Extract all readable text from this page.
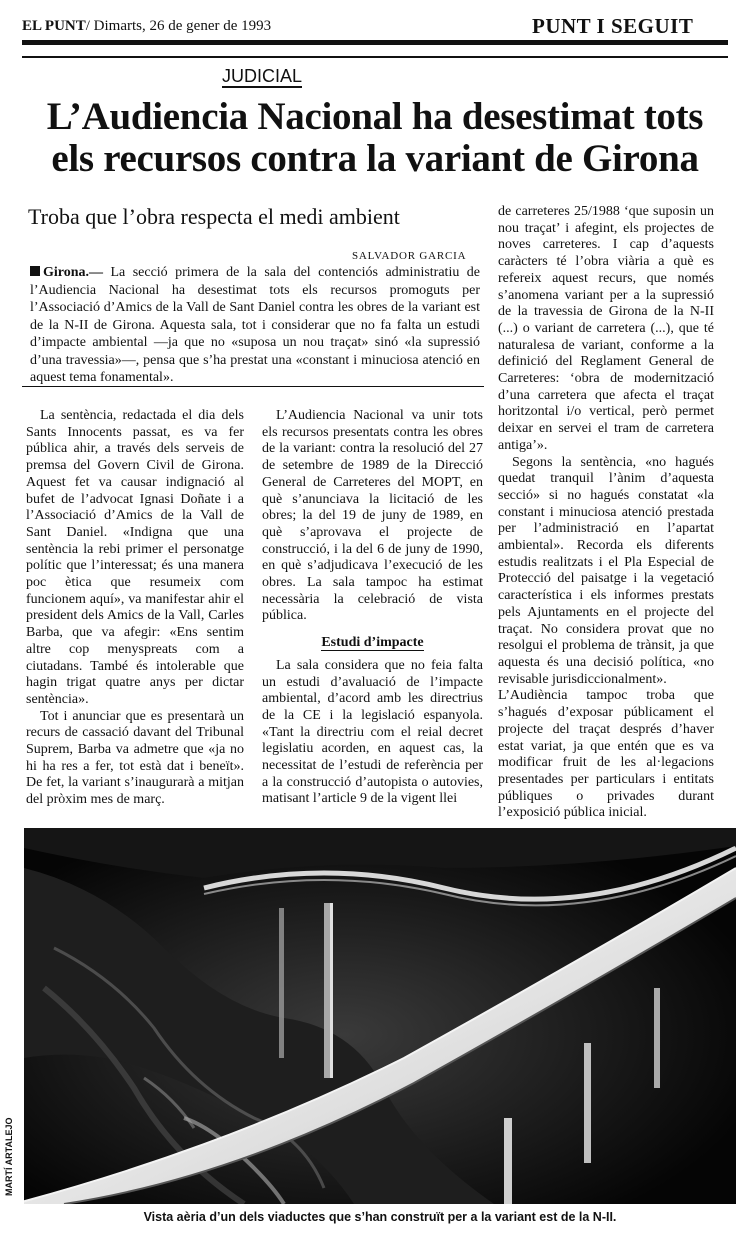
EL PUNT/ Dimarts, 26 de gener de 1993	PUNT I SEGUIT
JUDICIAL
L’Audiencia Nacional ha desestimat tots els recursos contra la variant de Girona
Troba que l’obra respecta el medi ambient
SALVADOR GARCIA
Girona.— La secció primera de la sala del contenciós administratiu de l’Audiencia Nacional ha desestimat tots els recursos promoguts per l’Associació d’Amics de la Vall de Sant Daniel contra les obres de la variant est de la N-II de Girona. Aquesta sala, tot i considerar que no fa falta un estudi d’impacte ambiental —ja que no «suposa un nou traçat» sinó «la supressió d’una travessia»—, pensa que s’ha prestat una «constant i minuciosa atenció en aquest tema fonamental».

La sentència, redactada el dia dels Sants Innocents passat, es va fer pública ahir, a través dels serveis de premsa del Govern Civil de Girona. Aquest fet va causar indignació al bufet de l’advocat Ignasi Doñate i a l’Associació d’Amics de la Vall de Sant Daniel. «Indigna que una sentència la rebi primer el personatge polític que l’interessat; és una manera poc ètica que resumeix com funcionem aquí», va manifestar ahir el president dels Amics de la Vall, Carles Barba, que va afegir: «Ens sentim altre cop menyspreats com a ciutadans. També és intolerable que hagin trigat quatre anys per dictar sentència».

Tot i anunciar que es presentarà un recurs de cassació davant del Tribunal Suprem, Barba va admetre que «ja no hi ha res a fer, tot està dat i beneït». De fet, la variant s’inaugurarà a mitjan del pròxim mes de març.

L’Audiencia Nacional va unir tots els recursos presentats contra les obres de la variant: contra la resolució del 27 de setembre de 1989 de la Direcció General de Carreteres del MOPT, en què s’anunciava la licitació de les obres; la del 19 de juny de 1989, en què s’aprovava el projecte de construcció, i la del 6 de juny de 1990, en què s’adjudicava l’execució de les obres. La sala tampoc ha estimat necessària la celebració de vista pública.

Estudi d’impacte

La sala considera que no feia falta un estudi d’avaluació de l’impacte ambiental, d’acord amb les directrius de la CE i la legislació espanyola. «Tant la directriu com el reial decret legislatiu acorden, en aquest cas, la necessitat de l’estudi de referència per a la construcció d’autopista o autovies, matisant l’article 9 de la vigent llei

de carreteres 25/1988 ‘que suposin un nou traçat’ i afegint, els projectes de noves carreteres. I cap d’aquests caràcters té l’obra viària a què es refereix aquest recurs, que només s’anomena variant per a la supressió de la travessia de Girona de la N-II (...) o variant de carretera (...), que té naturalesa de variant, conforme a la definició del Reglament General de Carreteres: ‘obra de modernització d’una carretera que afecta el traçat horitzontal i/o vertical, però permet deixar en servei el tram de carretera antiga’».

Segons la sentència, «no hagués quedat tranquil l’ànim d’aquesta secció» si no hagués constatat «la constant i minuciosa atenció prestada per l’administració en l’apartat ambiental». Recorda els diferents estudis realitzats i el Pla Especial de Protecció del paisatge i la vegetació característica i els informes prestats pels Ajuntaments en el projecte del traçat. No considera provat que no resolgui el problema de trànsit, ja que aquesta és una decisió política, «no revisable jurisdiccionalment».

L’Audiència tampoc troba que s’hagués d’exposar públicament el projecte del traçat després d’haver estat variat, ja que entén que es va modificar fruit de les al·legacions presentades per particulars i entitats públiques o privades durant l’exposició pública inicial.

Vista aèria d’un dels viaductes que s’han construït per a la variant est de la N-II.
MARTÍ ARTALEJO
